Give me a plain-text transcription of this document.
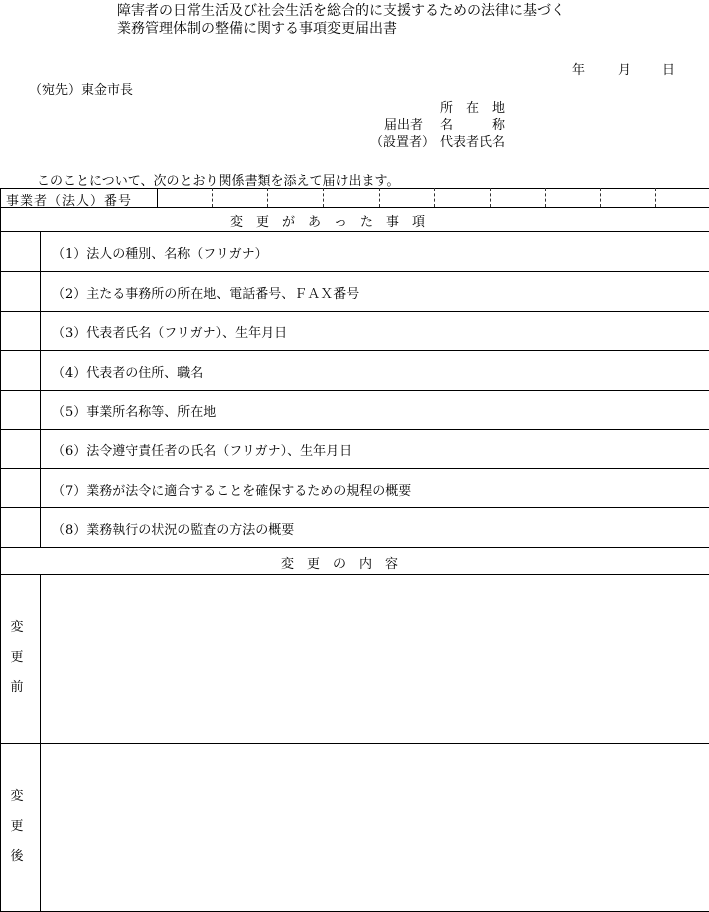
障害者の日常生活及び社会生活を総合的に支援するための法律に基づく
業務管理体制の整備に関する事項変更届出書
年	月 日
（宛先）東金市長
所　在　地
届出者 名　　　称
（設置者） 代表者氏名
このことについて、次のとおり関係書類を添えて届け出ます。
事業者（法人）番号
変　更　が　あ　っ　た　事　項
（1）法人の種別、名称（フリガナ）
（2）主たる事務所の所在地、電話番号、ＦＡＸ番号
（3）代表者氏名（フリガナ）、生年月日
（4）代表者の住所、職名
（5）事業所名称等、所在地
（6）法令遵守責任者の氏名（フリガナ）、生年月日
（7）業務が法令に適合することを確保するための規程の概要
（8）業務執行の状況の監査の方法の概要
変　更　の　内　容
変
更
前
変
更
後
